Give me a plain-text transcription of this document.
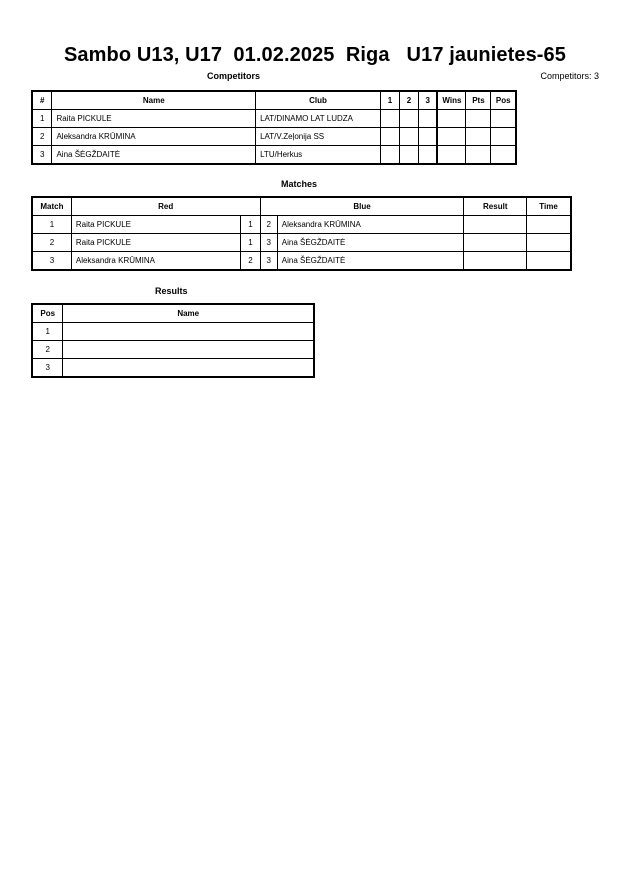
Sambo U13, U17  01.02.2025  Riga   U17 jaunietes-65
Competitors	Competitors: 3
#	Name	Club	1	2	3	Wins	Pts	Pos
1	Raita PICKULE	LAT/DINAMO LAT LUDZA						
2	Aleksandra KRŪMINA	LAT/V.Zeļonija SS						
3	Aina ŠĖGŽDAITĖ	LTU/Herkus						
Matches
Match	Red		Blue		Result	Time
1	Raita PICKULE	1	2	Aleksandra KRŪMINA		
2	Raita PICKULE	1	3	Aina ŠĖGŽDAITĖ		
3	Aleksandra KRŪMINA	2	3	Aina ŠĖGŽDAITĖ		
Results
Pos	Name
1	
2	
3	
